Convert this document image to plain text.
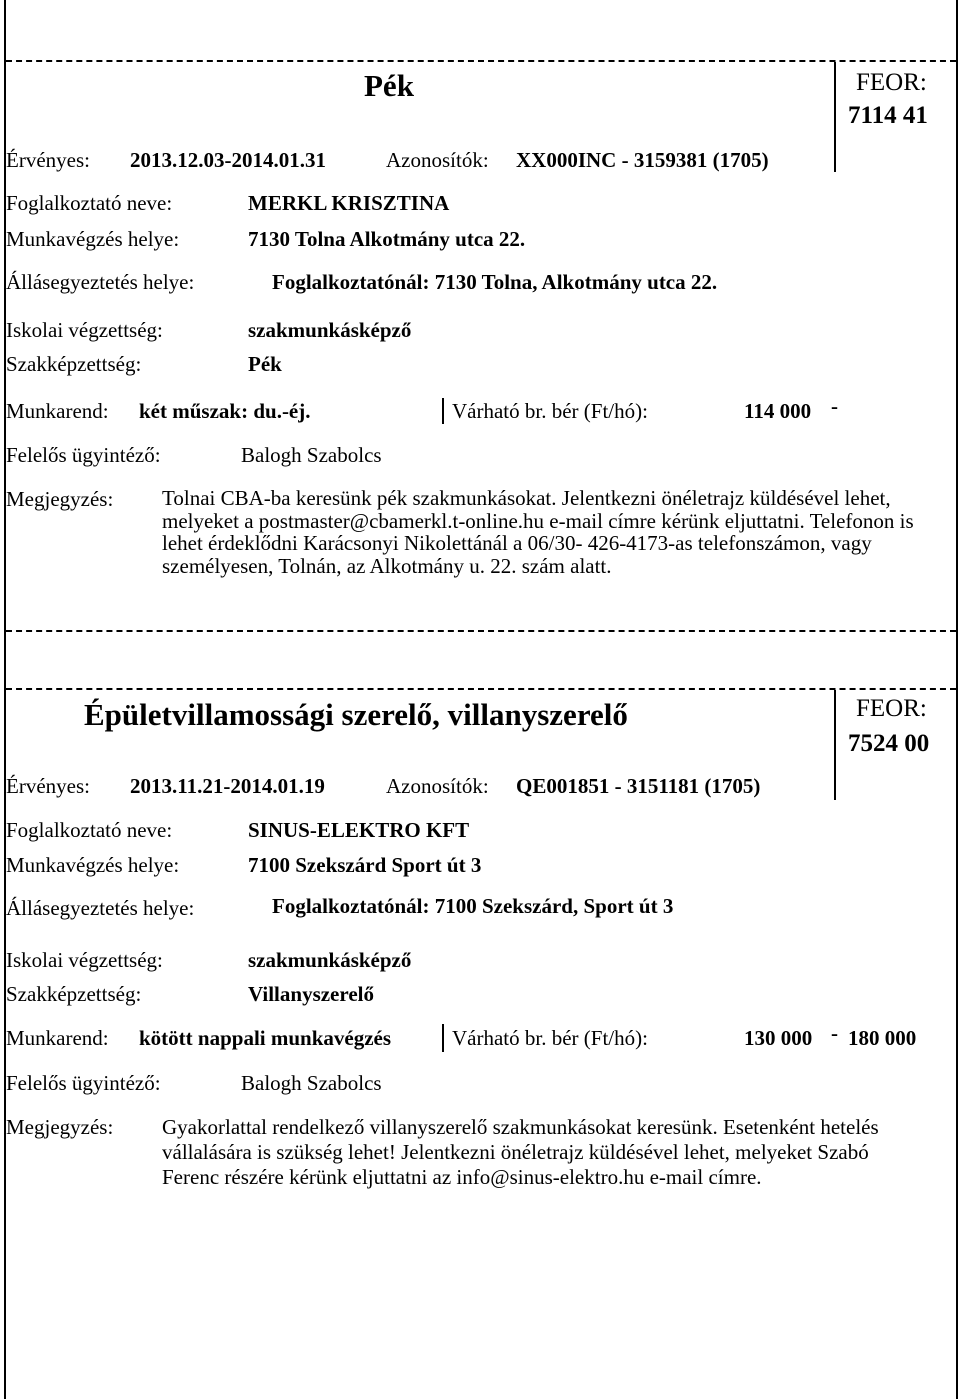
Pék	FEOR:
7114 41
Érvényes: 2013.12.03-2014.01.31	Azonosítók: XX000INC - 3159381 (1705)
Foglalkoztató neve:	MERKL KRISZTINA
Munkavégzés helye:	7130 Tolna Alkotmány utca 22.
Állásegyeztetés helye:	Foglalkoztatónál: 7130 Tolna, Alkotmány utca 22.
Iskolai végzettség:	szakmunkásképző
Szakképzettség:	Pék
Munkarend: két műszak: du.-éj.	Várható br. bér (Ft/hó):	114 000 -
Felelős ügyintéző:	Balogh Szabolcs
Megjegyzés: Tolnai CBA-ba keresünk pék szakmunkásokat. Jelentkezni önéletrajz küldésével lehet, melyeket a postmaster@cbamerkl.t-online.hu e-mail címre kérünk eljuttatni. Telefonon is lehet érdeklődni Karácsonyi Nikolettánál a 06/30- 426-4173-as telefonszámon, vagy személyesen, Tolnán, az Alkotmány u. 22. szám alatt.
Épületvillamossági szerelő, villanyszerelő	FEOR:
7524 00
Érvényes: 2013.11.21-2014.01.19	Azonosítók: QE001851 - 3151181 (1705)
Foglalkoztató neve:	SINUS-ELEKTRO KFT
Munkavégzés helye:	7100 Szekszárd Sport út 3
Állásegyeztetés helye:	Foglalkoztatónál: 7100 Szekszárd, Sport út 3
Iskolai végzettség:	szakmunkásképző
Szakképzettség:	Villanyszerelő
Munkarend: kötött nappali munkavégzés	Várható br. bér (Ft/hó):	130 000 - 180 000
Felelős ügyintéző:	Balogh Szabolcs
Megjegyzés: Gyakorlattal rendelkező villanyszerelő szakmunkásokat keresünk. Esetenként hetelés vállalására is szükség lehet! Jelentkezni önéletrajz küldésével lehet, melyeket Szabó Ferenc részére kérünk eljuttatni az info@sinus-elektro.hu e-mail címre.
